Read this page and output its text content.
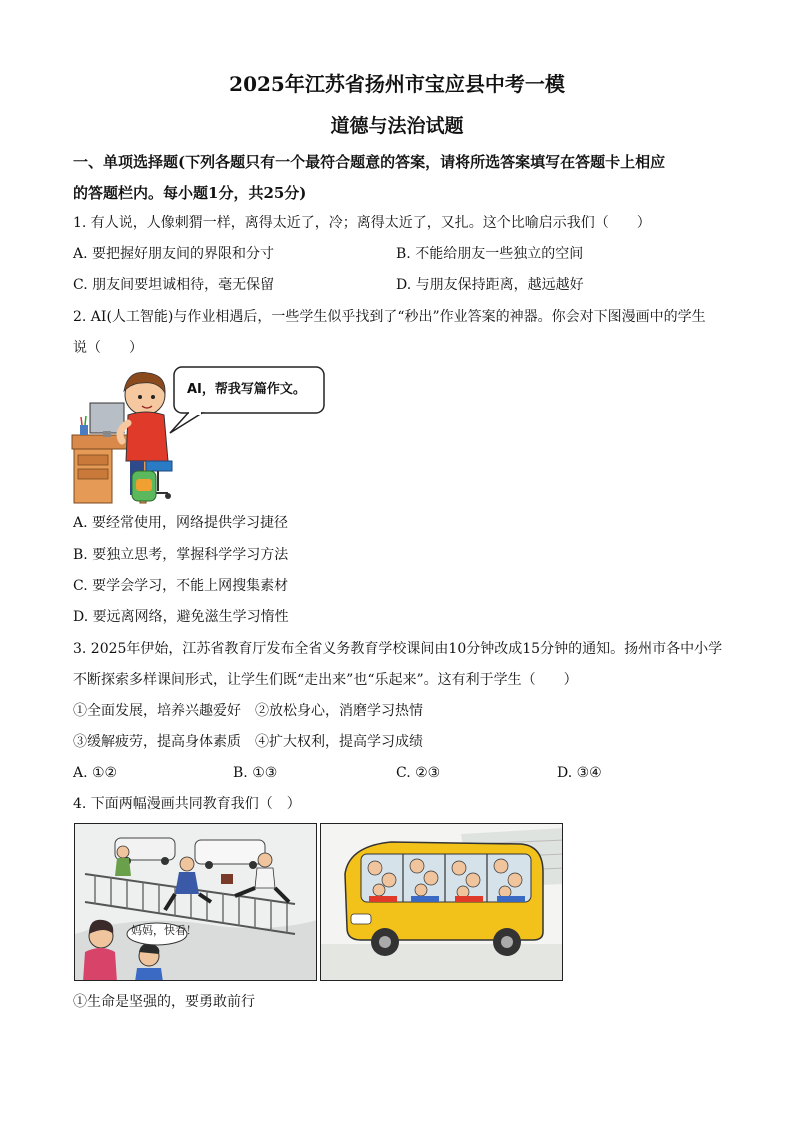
2025年江苏省扬州市宝应县中考一模
道德与法治试题
一、单项选择题(下列各题只有一个最符合题意的答案，请将所选答案填写在答题卡上相应
的答题栏内。每小题1分，共25分)
1. 有人说，人像刺猬一样，离得太近了，冷；离得太近了，又扎。这个比喻启示我们（　　）
A. 要把握好朋友间的界限和分寸	B. 不能给朋友一些独立的空间
C. 朋友间要坦诚相待，毫无保留	D. 与朋友保持距离，越远越好
2. AI(人工智能)与作业相遇后，一些学生似乎找到了“秒出”作业答案的神器。你会对下图漫画中的学生
说（　　）
AI，帮我写篇作文。
A. 要经常使用，网络提供学习捷径
B. 要独立思考，掌握科学学习方法
C. 要学会学习，不能上网搜集素材
D. 要远离网络，避免滋生学习惰性
3. 2025年伊始，江苏省教育厅发布全省义务教育学校课间由10分钟改成15分钟的通知。扬州市各中小学
不断探索多样课间形式，让学生们既“走出来”也“乐起来”。这有利于学生（　　）
①全面发展，培养兴趣爱好　②放松身心，消磨学习热情
③缓解疲劳，提高身体素质　④扩大权利，提高学习成绩
A. ①②	B. ①③	C. ②③	D. ③④
4. 下面两幅漫画共同教育我们（　）
妈妈，快看！
①生命是坚强的，要勇敢前行
